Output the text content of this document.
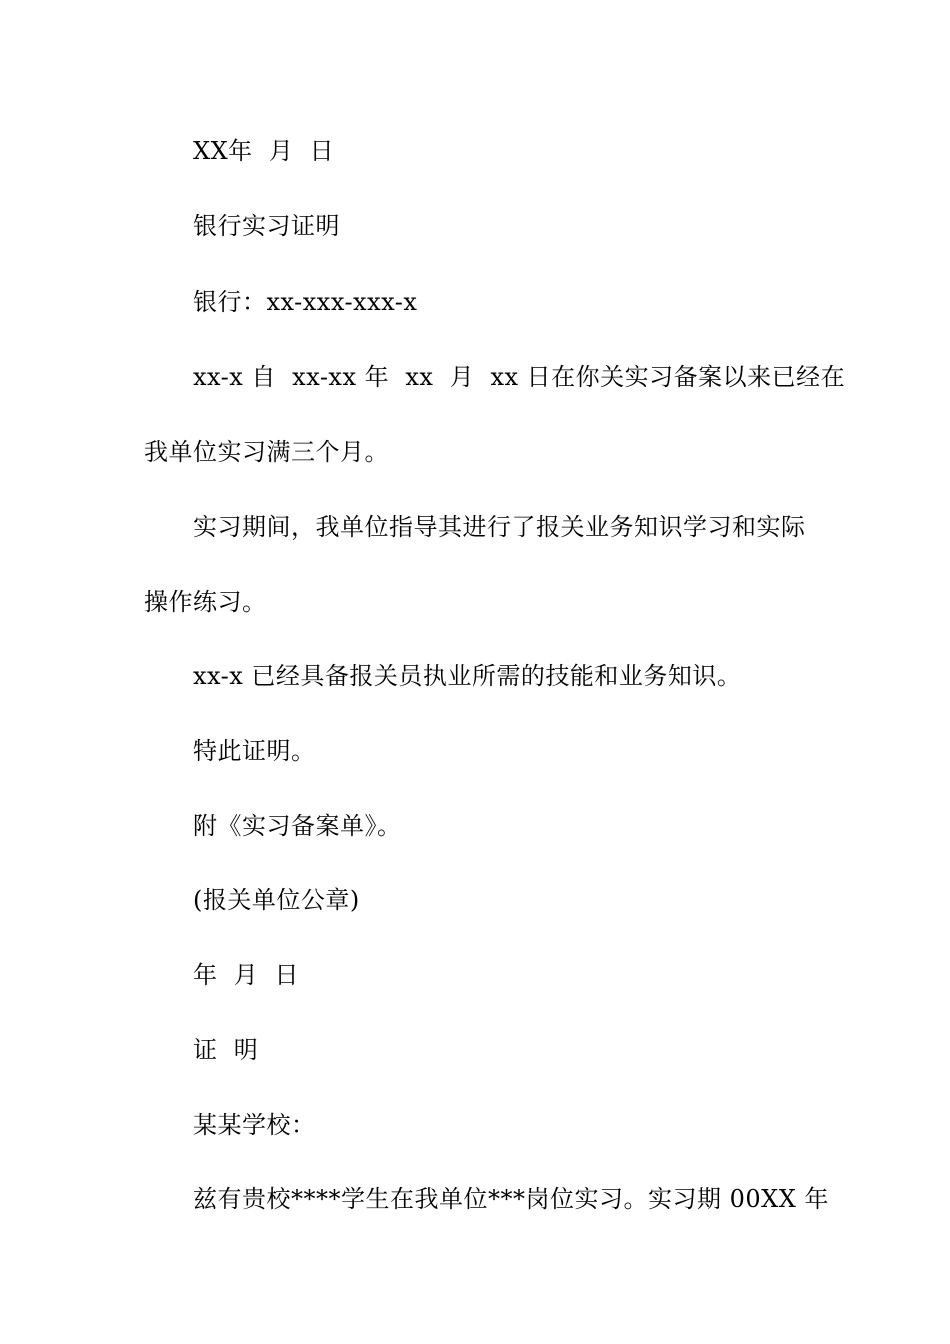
XX年  月  日
银行实习证明
银行：xx-xxx-xxx-x
xx-x 自  xx-xx 年  xx  月  xx 日在你关实习备案以来已经在
我单位实习满三个月。
实习期间，我单位指导其进行了报关业务知识学习和实际
操作练习。
xx-x 已经具备报关员执业所需的技能和业务知识。
特此证明。
附《实习备案单》。
(报关单位公章)
年  月  日
证  明
某某学校：
兹有贵校****学生在我单位***岗位实习。实习期 00XX 年
